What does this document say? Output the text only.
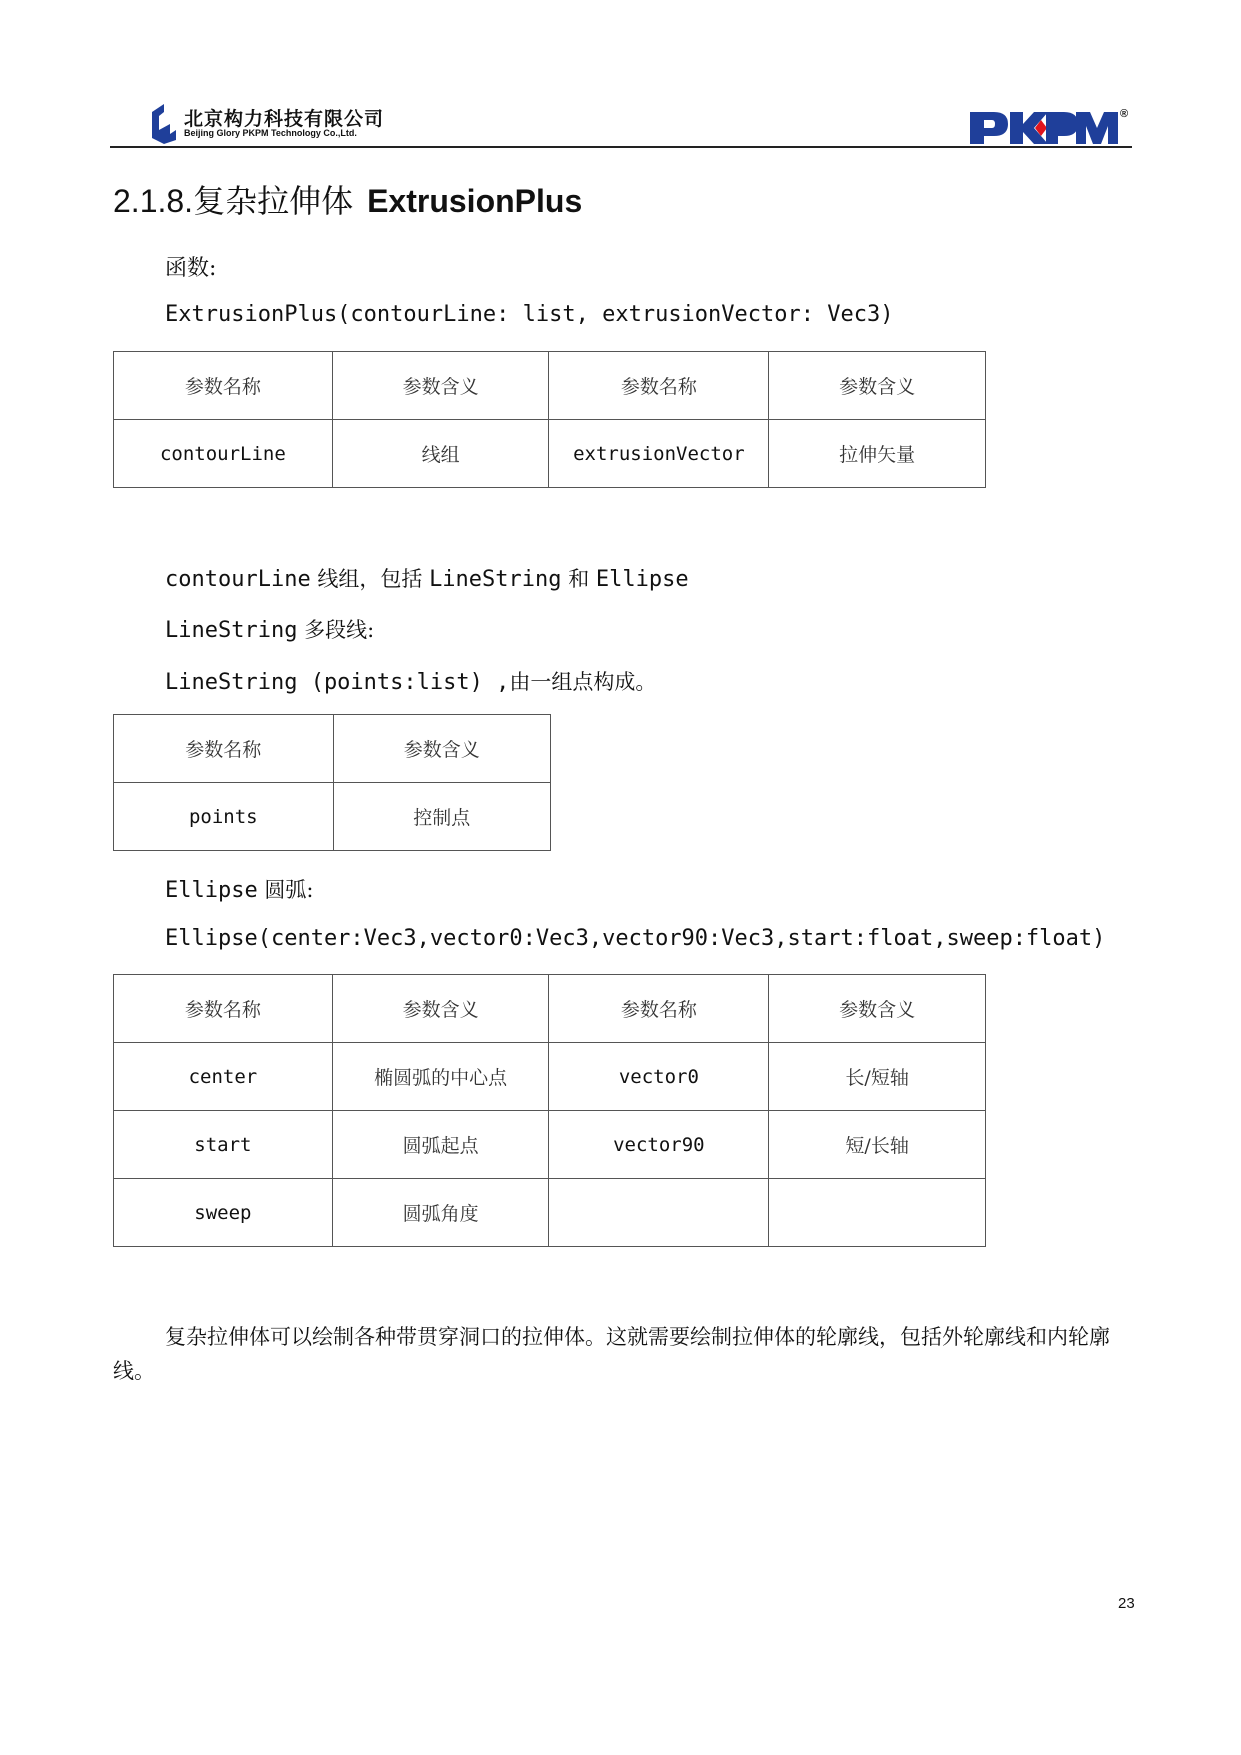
北京构力科技有限公司
Beijing Glory PKPM Technology Co.,Ltd.
®
2.1.8.复杂拉伸体 ExtrusionPlus
函数:
ExtrusionPlus(contourLine: list, extrusionVector: Vec3)
参数名称	参数含义	参数名称	参数含义
contourLine	线组	extrusionVector	拉伸矢量
contourLine 线组，包括 LineString 和 Ellipse
LineString 多段线:
LineString (points:list) ,由一组点构成。
参数名称	参数含义
points	控制点
Ellipse 圆弧:
Ellipse(center:Vec3,vector0:Vec3,vector90:Vec3,start:float,sweep:float)
参数名称	参数含义	参数名称	参数含义
center	椭圆弧的中心点	vector0	长/短轴
start	圆弧起点	vector90	短/长轴
sweep	圆弧角度		
复杂拉伸体可以绘制各种带贯穿洞口的拉伸体。这就需要绘制拉伸体的轮廓线，包括外轮廓线和内轮廓线。
23
